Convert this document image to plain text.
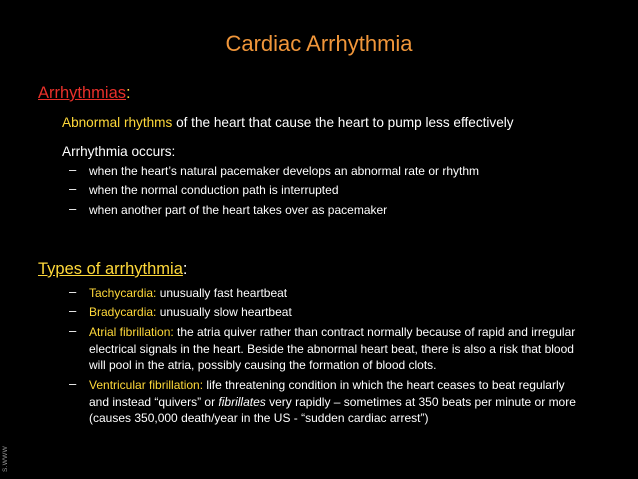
Cardiac Arrhythmia
Arrhythmias:
Abnormal rhythms of the heart that cause the heart to pump less effectively
Arrhythmia occurs:
– when the heart’s natural pacemaker develops an abnormal rate or rhythm
– when the normal conduction path is interrupted
– when another part of the heart takes over as pacemaker
Types of arrhythmia:
– Tachycardia: unusually fast heartbeat
– Bradycardia: unusually slow heartbeat
– Atrial fibrillation: the atria quiver rather than contract normally because of rapid and irregular
electrical signals in the heart. Beside the abnormal heart beat, there is also a risk that blood
will pool in the atria, possibly causing the formation of blood clots.
– Ventricular fibrillation: life threatening condition in which the heart ceases to beat regularly
and instead “quivers” or fibrillates very rapidly – sometimes at 350 beats per minute or more
(causes 350,000 death/year in the US - “sudden cardiac arrest”)
S.WWW
